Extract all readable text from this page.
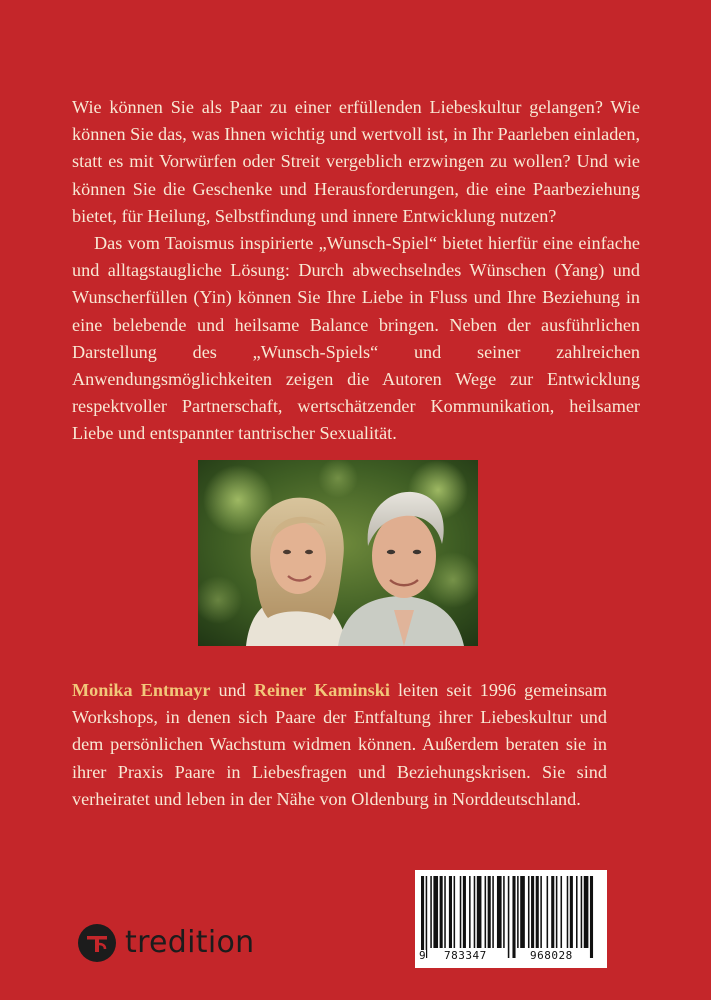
Wie können Sie als Paar zu einer erfüllenden Liebeskultur gelangen? Wie können Sie das, was Ihnen wichtig und wertvoll ist, in Ihr Paarleben einladen, statt es mit Vorwürfen oder Streit vergeblich erzwingen zu wollen? Und wie können Sie die Geschenke und Herausforderungen, die eine Paarbeziehung bietet, für Heilung, Selbstfindung und innere Entwicklung nutzen?

Das vom Taoismus inspirierte „Wunsch-Spiel“ bietet hierfür eine einfache und alltagstaugliche Lösung: Durch abwechselndes Wünschen (Yang) und Wunscherfüllen (Yin) können Sie Ihre Liebe in Fluss und Ihre Beziehung in eine belebende und heilsame Balance bringen. Neben der ausführlichen Darstellung des „Wunsch-Spiels“ und seiner zahlreichen Anwendungsmöglichkeiten zeigen die Autoren Wege zur Entwicklung respektvoller Partnerschaft, wertschätzender Kommunikation, heilsamer Liebe und entspannter tantrischer Sexualität.

Monika Entmayr und Reiner Kaminski leiten seit 1996 gemeinsam Workshops, in denen sich Paare der Entfaltung ihrer Liebeskultur und dem persönlichen Wachstum widmen können. Außerdem beraten sie in ihrer Praxis Paare in Liebesfragen und Beziehungskrisen. Sie sind verheiratet und leben in der Nähe von Oldenburg in Norddeutschland.

tredition	9 783347	968028
